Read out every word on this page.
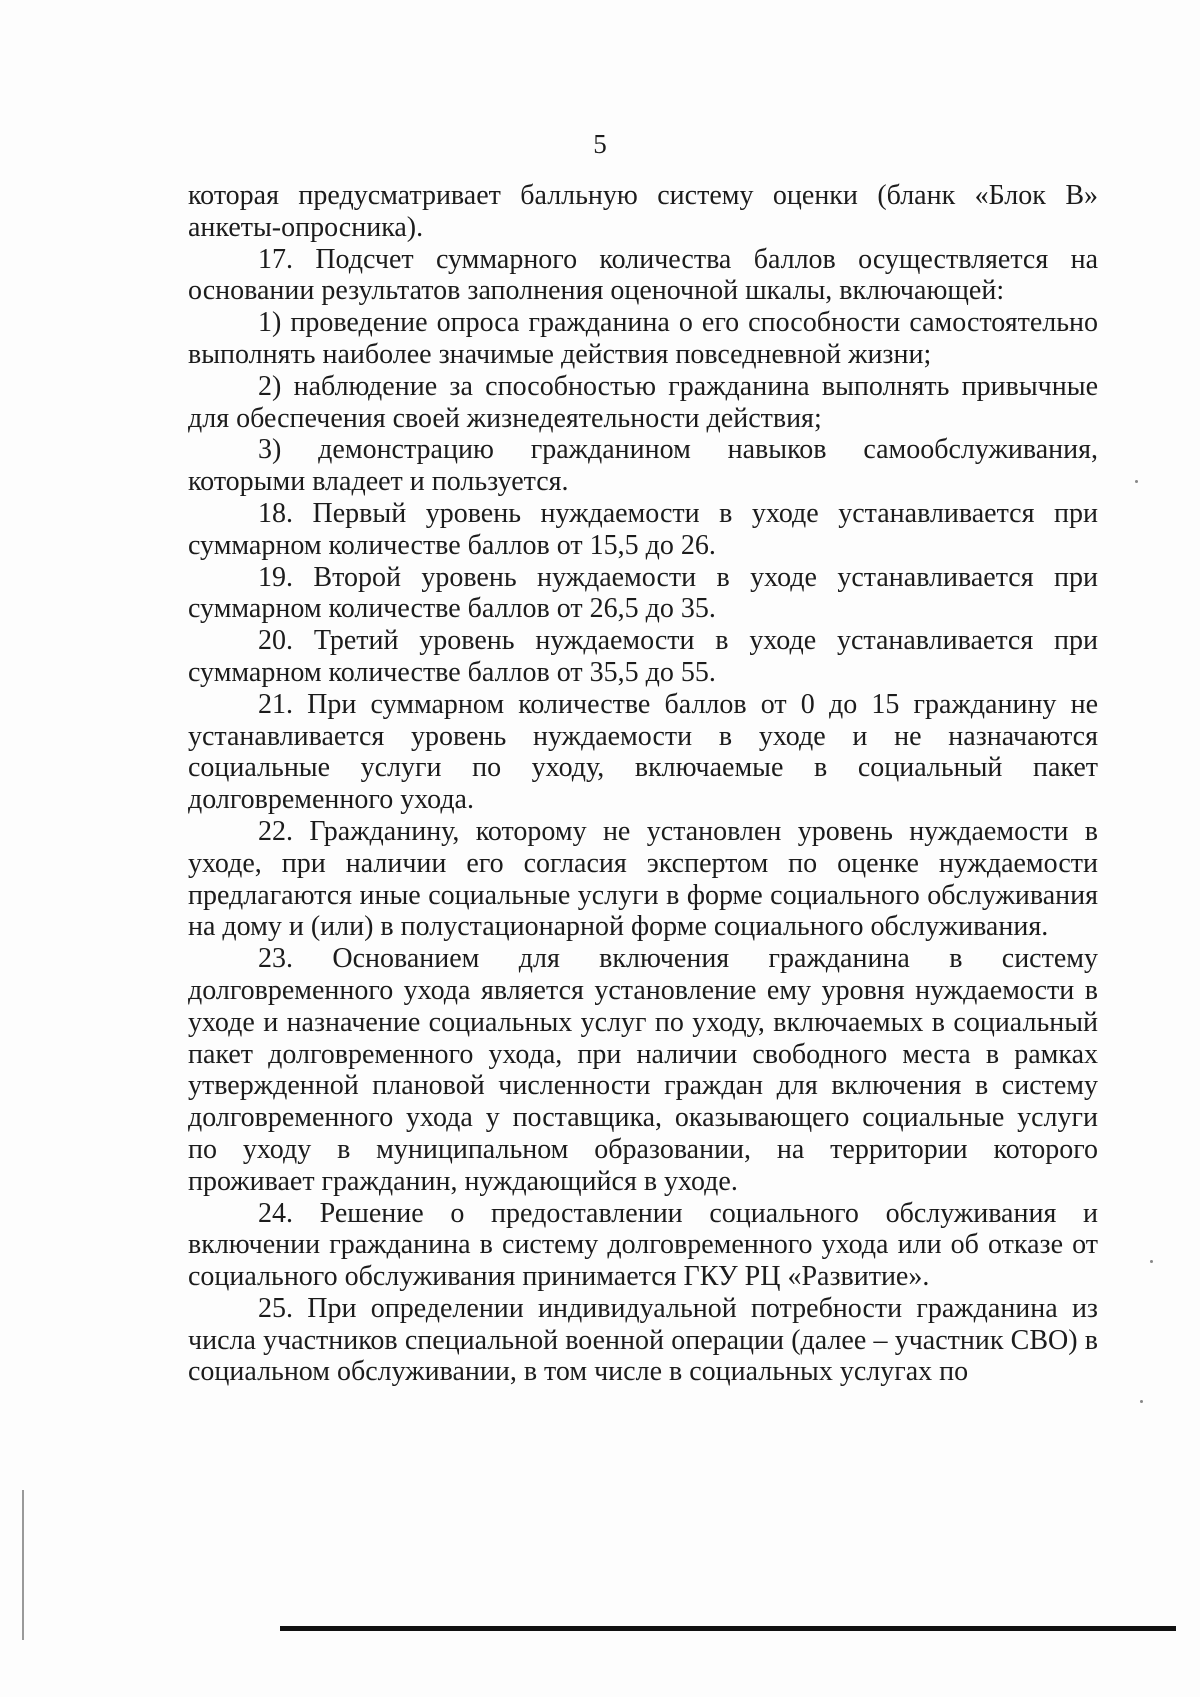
5

которая предусматривает балльную систему оценки (бланк «Блок В» анкеты-опросника).

17. Подсчет суммарного количества баллов осуществляется на основании результатов заполнения оценочной шкалы, включающей:

1) проведение опроса гражданина о его способности самостоятельно выполнять наиболее значимые действия повседневной жизни;

2) наблюдение за способностью гражданина выполнять привычные для обеспечения своей жизнедеятельности действия;

3) демонстрацию гражданином навыков самообслуживания, которыми владеет и пользуется.

18. Первый уровень нуждаемости в уходе устанавливается при суммарном количестве баллов от 15,5 до 26.

19. Второй уровень нуждаемости в уходе устанавливается при суммарном количестве баллов от 26,5 до 35.

20. Третий уровень нуждаемости в уходе устанавливается при суммарном количестве баллов от 35,5 до 55.

21. При суммарном количестве баллов от 0 до 15 гражданину не устанавливается уровень нуждаемости в уходе и не назначаются социальные услуги по уходу, включаемые в социальный пакет долговременного ухода.

22. Гражданину, которому не установлен уровень нуждаемости в уходе, при наличии его согласия экспертом по оценке нуждаемости предлагаются иные социальные услуги в форме социального обслуживания на дому и (или) в полустационарной форме социального обслуживания.

23. Основанием для включения гражданина в систему долговременного ухода является установление ему уровня нуждаемости в уходе и назначение социальных услуг по уходу, включаемых в социальный пакет долговременного ухода, при наличии свободного места в рамках утвержденной плановой численности граждан для включения в систему долговременного ухода у поставщика, оказывающего социальные услуги по уходу в муниципальном образовании, на территории которого проживает гражданин, нуждающийся в уходе.

24. Решение о предоставлении социального обслуживания и включении гражданина в систему долговременного ухода или об отказе от социального обслуживания принимается ГКУ РЦ «Развитие».

25. При определении индивидуальной потребности гражданина из числа участников специальной военной операции (далее – участник СВО) в социальном обслуживании, в том числе в социальных услугах по
